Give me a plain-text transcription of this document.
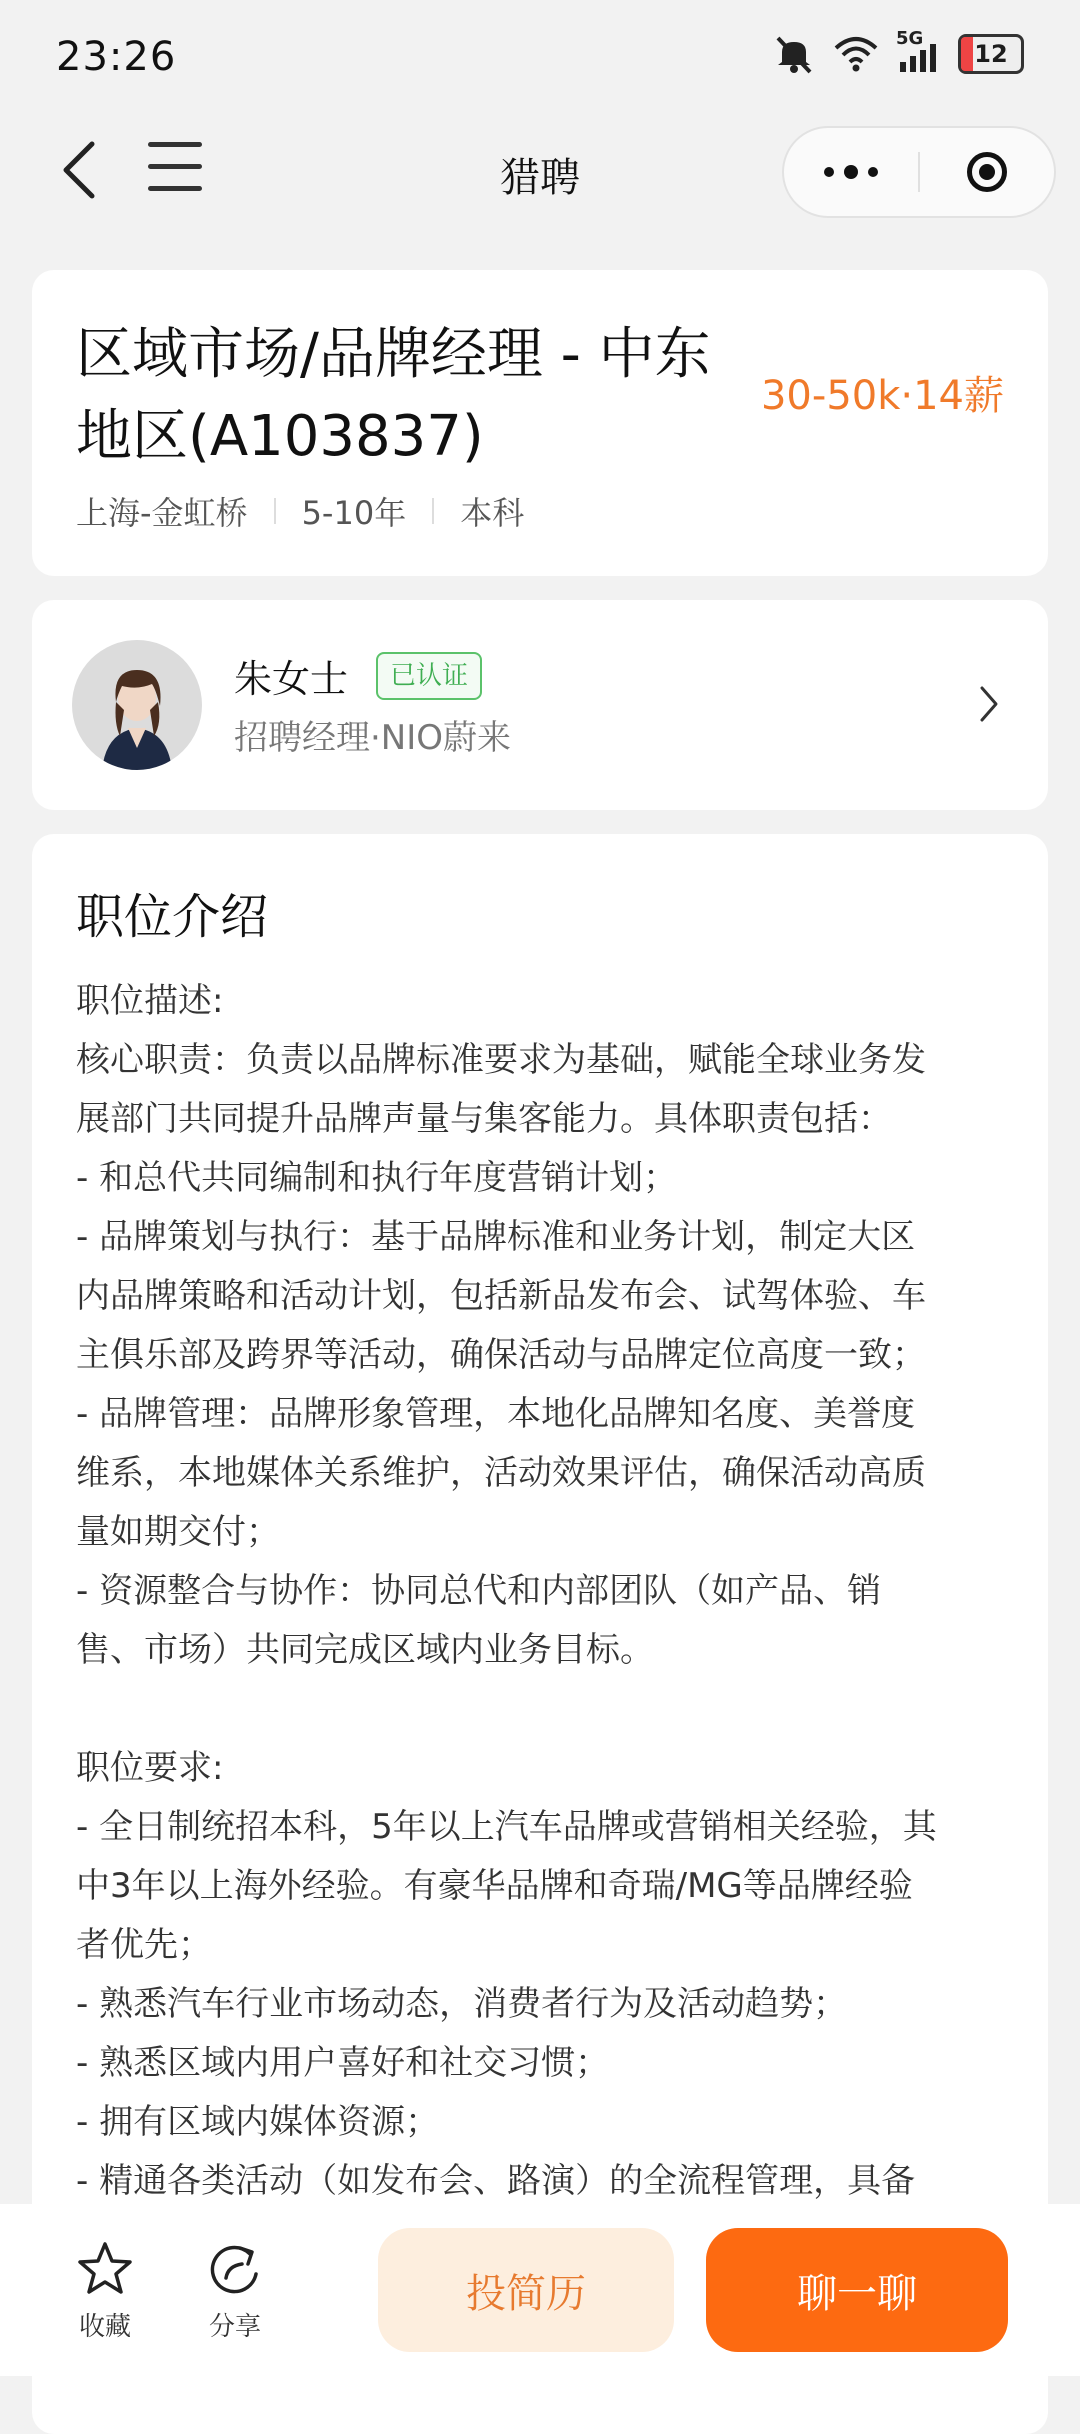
23:26	5G
12
猎聘
区域市场/品牌经理 - 中东地区(A103837)
30-50k·14薪
上海-金虹桥 5-10年 本科
朱女士	已认证
招聘经理·NIO蔚来
职位介绍
职位描述:
核心职责：负责以品牌标准要求为基础，赋能全球业务发
展部门共同提升品牌声量与集客能力。具体职责包括：
- 和总代共同编制和执行年度营销计划；
- 品牌策划与执行：基于品牌标准和业务计划，制定大区
内品牌策略和活动计划，包括新品发布会、试驾体验、车
主俱乐部及跨界等活动，确保活动与品牌定位高度一致；
- 品牌管理：品牌形象管理，本地化品牌知名度、美誉度
维系，本地媒体关系维护，活动效果评估，确保活动高质
量如期交付；
- 资源整合与协作：协同总代和内部团队（如产品、销
售、市场）共同完成区域内业务目标。
职位要求:
- 全日制统招本科，5年以上汽车品牌或营销相关经验，其
中3年以上海外经验。有豪华品牌和奇瑞/MG等品牌经验
者优先；
- 熟悉汽车行业市场动态，消费者行为及活动趋势；
- 熟悉区域内用户喜好和社交习惯；
- 拥有区域内媒体资源；
- 精通各类活动（如发布会、路演）的全流程管理，具备
收藏	分享
投简历	聊一聊
